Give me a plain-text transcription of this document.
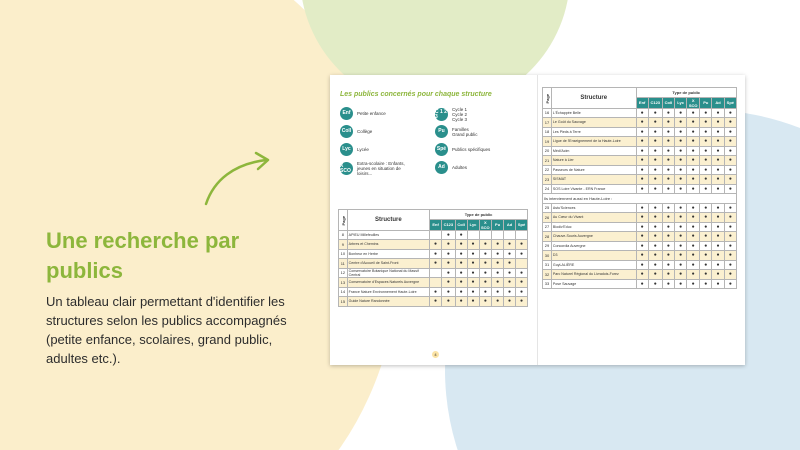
Une recherche par publics
Un tableau clair permettant d'identifier les structures selon les publics accompagnés (petite enfance, scolaires, grand public, adultes etc.).
Les publics concernés pour chaque structure
Enf	Petite enfance
Coll	Collège
Lyc	Lycée
X SCO
Extra-scolaire : Enfants, jeunes en situation de loisirs...
C 1 2 3
Cycle 1
Cycle 2
Cycle 3
Pu	Familles
Grand public
Spé	Publics spécifiques
Ad	Adultes
Page	Structure	Type de public							
		Enf	C123	Coll	Lyc	X SCO	Pu	Ad	Spé
8	APIEU Millefeuilles		●	●					
9	Arbres et Chemins	●	●	●	●	●	●	●	●
10	Bonheur en Herbe	●	●	●	●	●	●	●	●
11	Centre d'Accueil de Saint-Front	●	●	●	●	●	●	●	
12	Conservatoire Botanique National du Massif Central		●	●	●	●	●	●	●
13	Conservatoire d'Espaces Naturels Auvergne		●	●	●	●	●	●	●
14	France Nature Environnement Haute-Loire	●	●	●	●	●	●	●	●
15	Guide Nature Randonnée	●	●	●	●	●	●	●	●
4
Page	Structure	Type de public							
		Enf	C123	Coll	Lyc	X SCO	Pu	Ad	Spé
16	L'Échappée Belle	●	●	●	●	●	●	●	●
17	Le Goût du Sauvage	●	●	●	●	●	●	●	●
18	Les Pieds à Terre	●	●	●	●	●	●	●	●
19	Ligue de l'Enseignement de la Haute-Loire	●	●	●	●	●	●	●	●
20	Médi'Acim	●	●	●	●	●	●	●	●
21	Nature à Lier	●	●	●	●	●	●	●	●
22	Passeurs de Nature	●	●	●	●	●	●	●	●
23	SISMAT	●	●	●	●	●	●	●	●
24	SOS Loire Vivante - ERN France	●	●	●	●	●	●	●	●
Ils interviennent aussi en Haute-Loire :									
25	Astu'Sciences	●	●	●	●	●	●	●	●
26	Au Cœur du Vivant	●	●	●	●	●	●	●	●
27	Biodiv'Educ	●	●	●	●	●	●	●	●
28	Chauve-Souris Auvergne	●	●	●	●	●	●	●	●
29	Concordia Auvergne	●	●	●	●	●	●	●	●
30	D3	●	●	●	●	●	●	●	●
31	GuyLALIÈRE	●	●	●	●	●	●	●	●
32	Parc Naturel Régional du Livradois-Forez	●	●	●	●	●	●	●	●
33	Pose Sauvage	●	●	●	●	●	●	●	●
